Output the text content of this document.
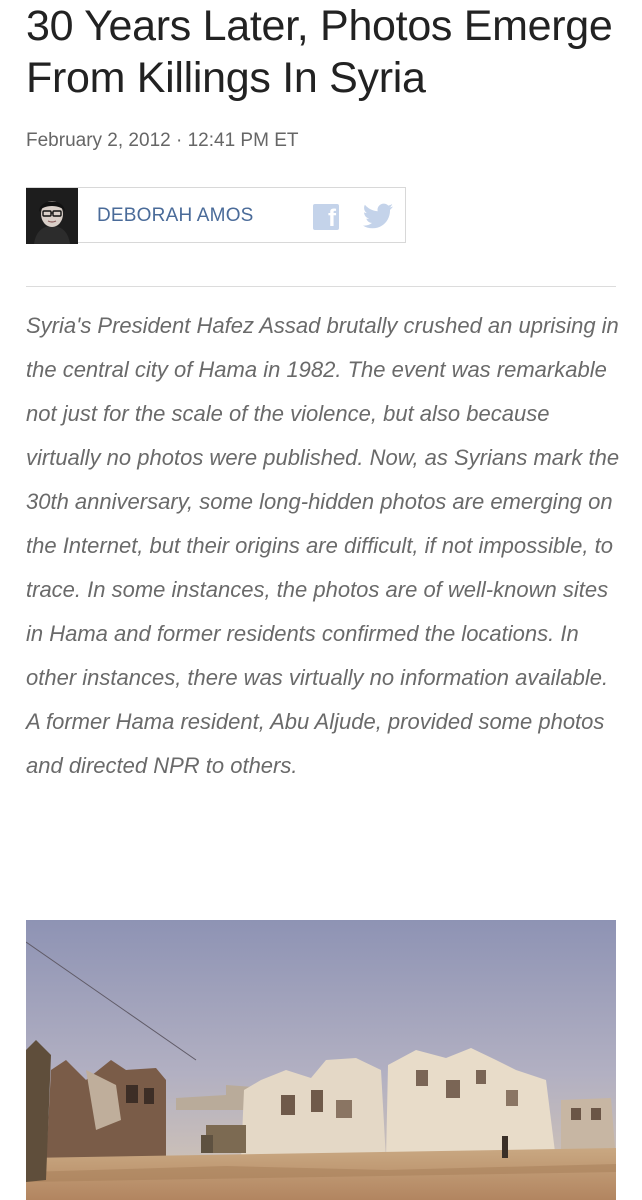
30 Years Later, Photos Emerge From Killings In Syria
February 2, 2012 · 12:41 PM ET
DEBORAH AMOS	f

Syria's President Hafez Assad brutally crushed an uprising in the central city of Hama in 1982. The event was remarkable not just for the scale of the violence, but also because virtually no photos were published. Now, as Syrians mark the 30th anniversary, some long-hidden photos are emerging on the Internet, but their origins are difficult, if not impossible, to trace. In some instances, the photos are of well-known sites in Hama and former residents confirmed the locations. In other instances, there was virtually no information available. A former Hama resident, Abu Aljude, provided some photos and directed NPR to others.
